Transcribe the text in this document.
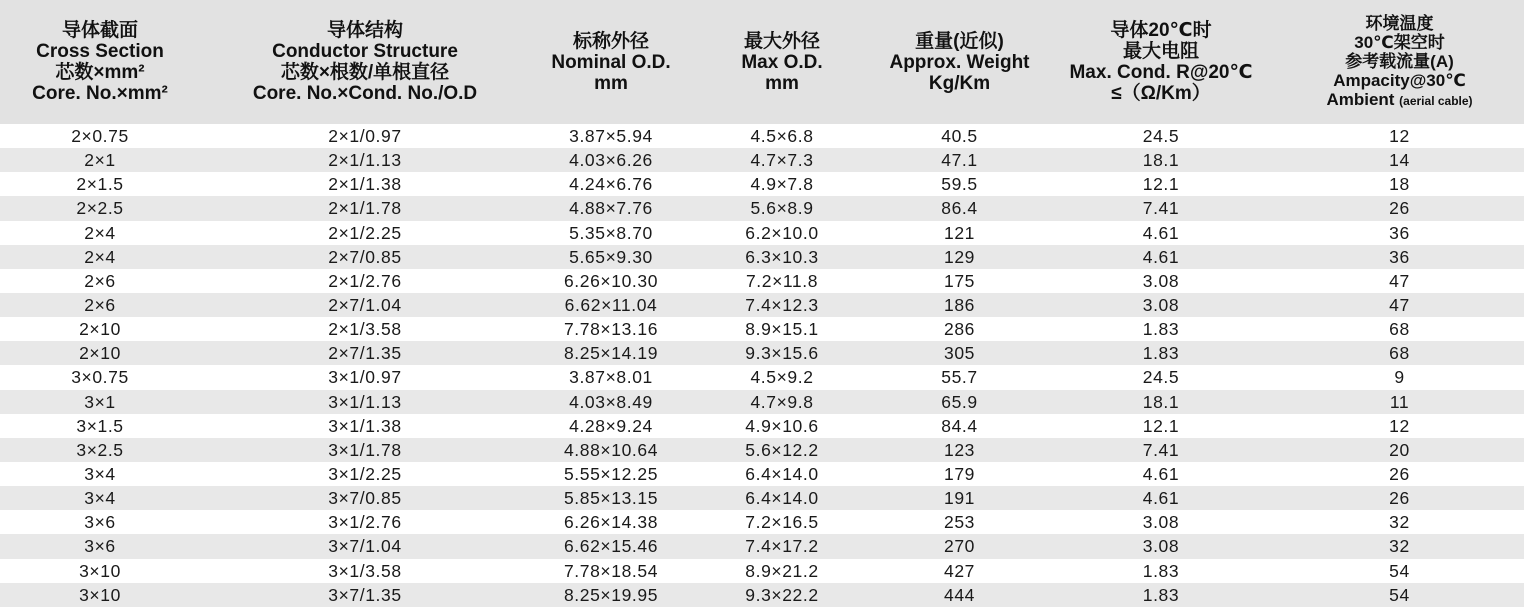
导体截面
Cross Section
芯数×mm²
Core. No.×mm²	导体结构
Conductor Structure
芯数×根数/单根直径
Core. No.×Cond. No./O.D	标称外径
Nominal O.D.
mm	最大外径
Max O.D.
mm	重量(近似)
Approx. Weight
Kg/Km	导体20℃时
最大电阻
Max. Cond. R@20℃
≤（Ω/Km）	环境温度
30℃架空时
参考载流量(A)
Ampacity@30℃
Ambient (aerial cable)

2×0.75	2×1/0.97	3.87×5.94	4.5×6.8	40.5	24.5	12
2×1	2×1/1.13	4.03×6.26	4.7×7.3	47.1	18.1	14
2×1.5	2×1/1.38	4.24×6.76	4.9×7.8	59.5	12.1	18
2×2.5	2×1/1.78	4.88×7.76	5.6×8.9	86.4	7.41	26
2×4	2×1/2.25	5.35×8.70	6.2×10.0	121	4.61	36
2×4	2×7/0.85	5.65×9.30	6.3×10.3	129	4.61	36
2×6	2×1/2.76	6.26×10.30	7.2×11.8	175	3.08	47
2×6	2×7/1.04	6.62×11.04	7.4×12.3	186	3.08	47
2×10	2×1/3.58	7.78×13.16	8.9×15.1	286	1.83	68
2×10	2×7/1.35	8.25×14.19	9.3×15.6	305	1.83	68
3×0.75	3×1/0.97	3.87×8.01	4.5×9.2	55.7	24.5	9
3×1	3×1/1.13	4.03×8.49	4.7×9.8	65.9	18.1	11
3×1.5	3×1/1.38	4.28×9.24	4.9×10.6	84.4	12.1	12
3×2.5	3×1/1.78	4.88×10.64	5.6×12.2	123	7.41	20
3×4	3×1/2.25	5.55×12.25	6.4×14.0	179	4.61	26
3×4	3×7/0.85	5.85×13.15	6.4×14.0	191	4.61	26
3×6	3×1/2.76	6.26×14.38	7.2×16.5	253	3.08	32
3×6	3×7/1.04	6.62×15.46	7.4×17.2	270	3.08	32
3×10	3×1/3.58	7.78×18.54	8.9×21.2	427	1.83	54
3×10	3×7/1.35	8.25×19.95	9.3×22.2	444	1.83	54
